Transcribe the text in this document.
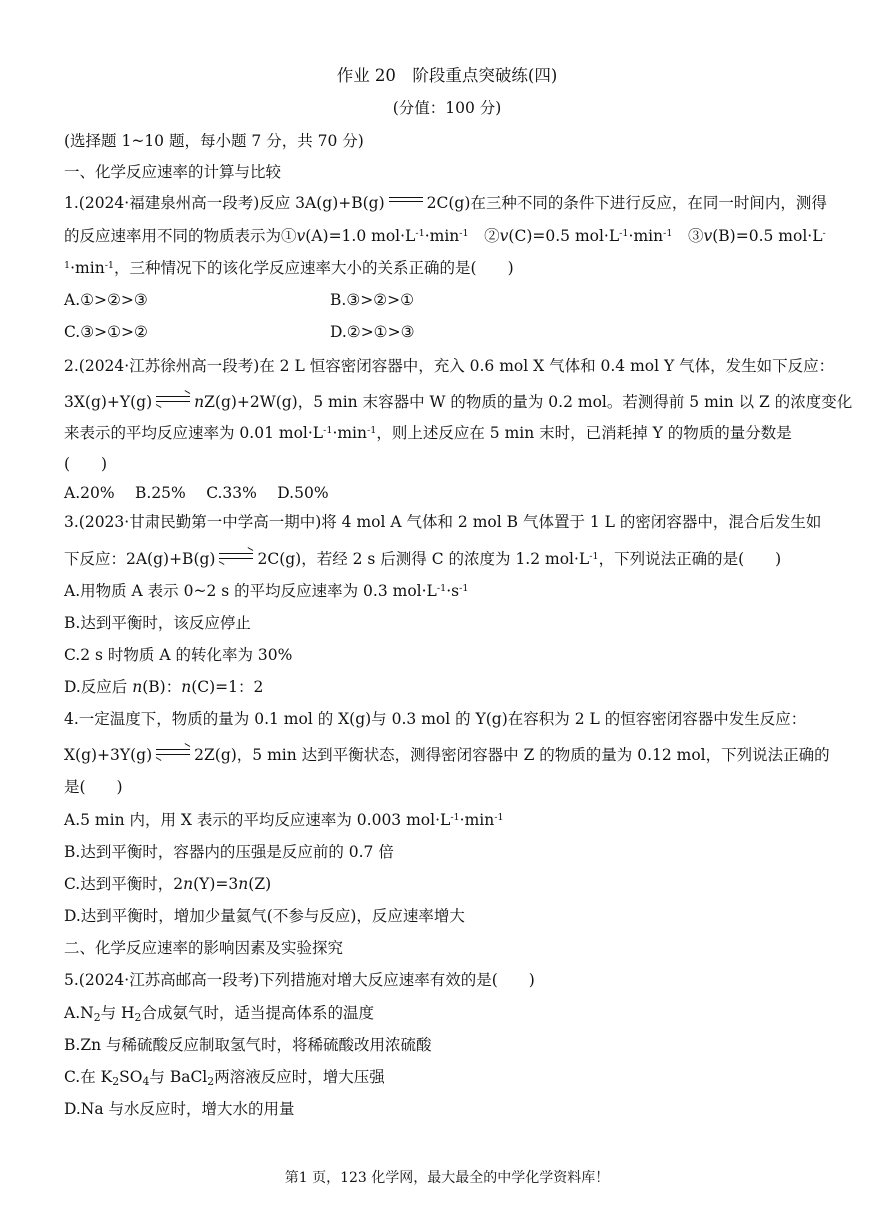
作业 20　阶段重点突破练(四)
(分值：100 分)
(选择题 1~10 题，每小题 7 分，共 70 分)
一、化学反应速率的计算与比较
1.(2024·福建泉州高一段考)反应 3A(g)+B(g)	2C(g)在三种不同的条件下进行反应，在同一时间内，测得
的反应速率用不同的物质表示为①v(A)=1.0 $mol\cdot L^{-1}\cdot\min^{-1}$　②v(C)=0.5 $mol\cdot L^{-1}\cdot\min^{-1}$　③v(B)=0.5 mol·L-
$^1\cdot\min^{-1}$，三种情况下的该化学反应速率大小的关系正确的是(　　)
A.①>②>③	B.③>②>①
C.③>①>②	D.②>①>③
2.(2024·江苏徐州高一段考)在 2 L 恒容密闭容器中，充入 0.6 mol X 气体和 0.4 mol Y 气体，发生如下反应：
3X(g)+Y(g) ⇌ nZ(g)+2W(g)，5 min 末容器中 W 的物质的量为 0.2 mol。若测得前 5 min 以 Z 的浓度变化
来表示的平均反应速率为 0.01 $mol\cdot L^{-1}\cdot\min^{-1}$，则上述反应在 5 min 末时，已消耗掉 Y 的物质的量分数是
(　　)
A.20%　 B.25%　 C.33%　 D.50%
3.(2023·甘肃民勤第一中学高一期中)将 4 mol A 气体和 2 mol B 气体置于 1 L 的密闭容器中，混合后发生如
下反应：2A(g)+B(g) ⇌ 2C(g)，若经 2 s 后测得 C 的浓度为 1.2 $mol\cdot L^{-1}$，下列说法正确的是(　　)
A.用物质 A 表示 0~2 s 的平均反应速率为 0.3 $mol\cdot L^{-1}\cdot s^{-1}$
B.达到平衡时，该反应停止
C.2 s 时物质 A 的转化率为 30%
D.反应后 n(B)：n(C)=1：2
4.一定温度下，物质的量为 0.1 mol 的 X(g)与 0.3 mol 的 Y(g)在容积为 2 L 的恒容密闭容器中发生反应：
X(g)+3Y(g) ⇌ 2Z(g)，5 min 达到平衡状态，测得密闭容器中 Z 的物质的量为 0.12 mol，下列说法正确的
是(　　)
A.5 min 内，用 X 表示的平均反应速率为 0.003 $mol\cdot L^{-1}\cdot\min^{-1}$
B.达到平衡时，容器内的压强是反应前的 0.7 倍
C.达到平衡时，2n(Y)=3n(Z)
D.达到平衡时，增加少量氦气(不参与反应)，反应速率增大
二、化学反应速率的影响因素及实验探究
5.(2024·江苏高邮高一段考)下列措施对增大反应速率有效的是(　　)
$A.N_2$与 $H_2$合成氨气时，适当提高体系的温度
B.Zn 与稀硫酸反应制取氢气时，将稀硫酸改用浓硫酸
C.在 $K_2SO_4$与 BaCl$_2$两溶液反应时，增大压强
D.Na 与水反应时，增大水的用量
第1 页，123 化学网，最大最全的中学化学资料库！
